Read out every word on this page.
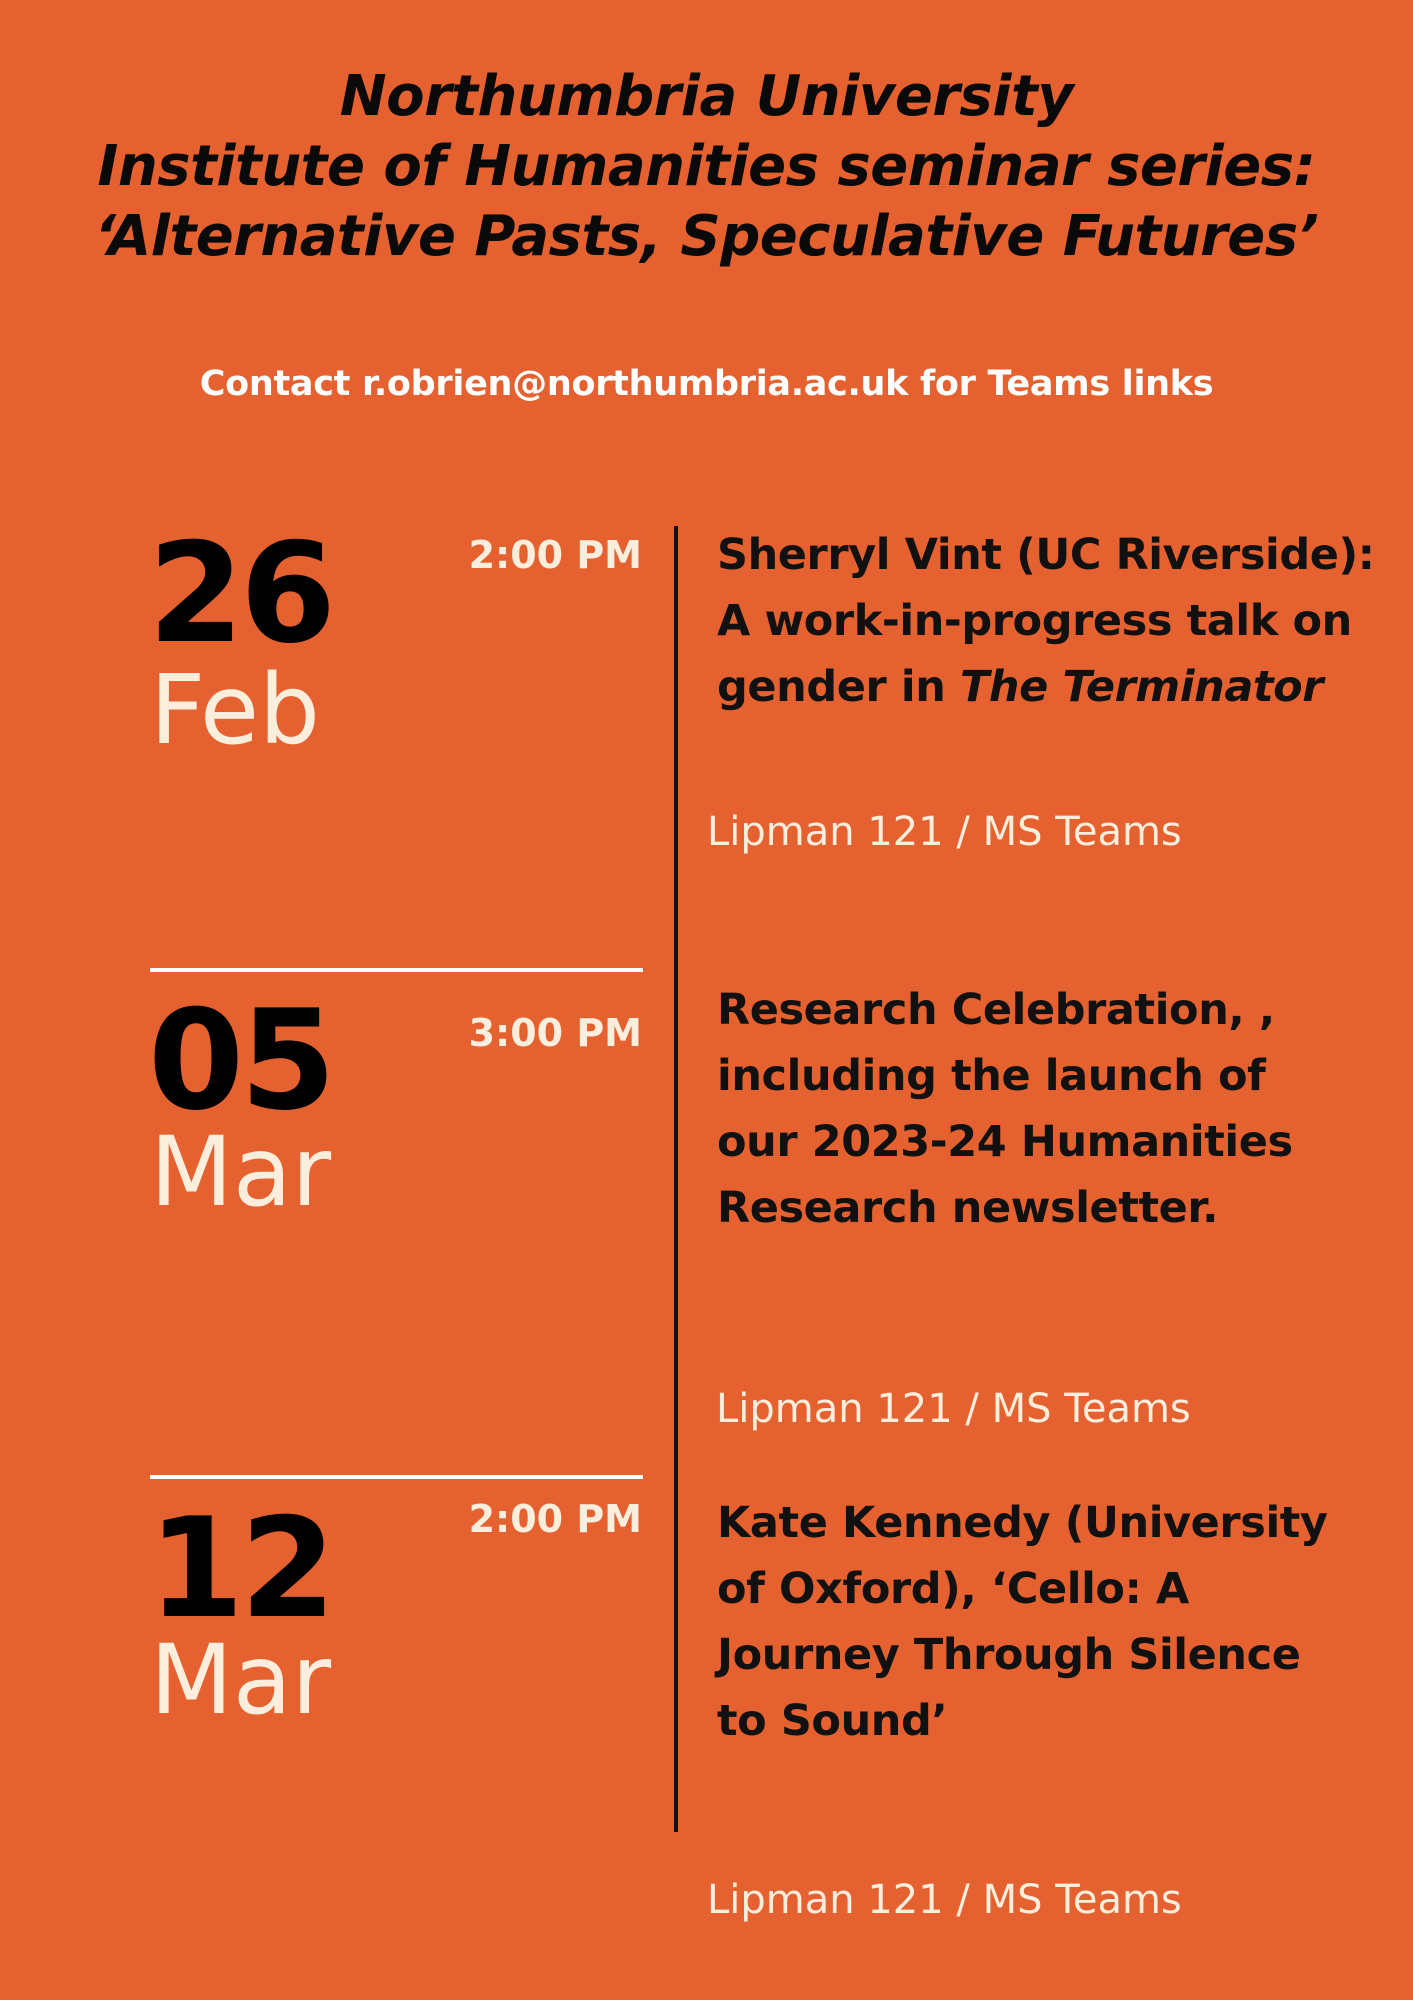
Northumbria University
Institute of Humanities seminar series:
‘Alternative Pasts, Speculative Futures’
Contact r.obrien@northumbria.ac.uk for Teams links
26
Feb
2:00 PM Sherryl Vint (UC Riverside):
A work-in-progress talk on
gender in The Terminator
Lipman 121 / MS Teams
05
Mar
3:00 PM Research Celebration, ,
including the launch of
our 2023-24 Humanities
Research newsletter.
Lipman 121 / MS Teams
12
Mar
2:00 PM Kate Kennedy (University
of Oxford), ‘Cello: A
Journey Through Silence
to Sound’
Lipman 121 / MS Teams
